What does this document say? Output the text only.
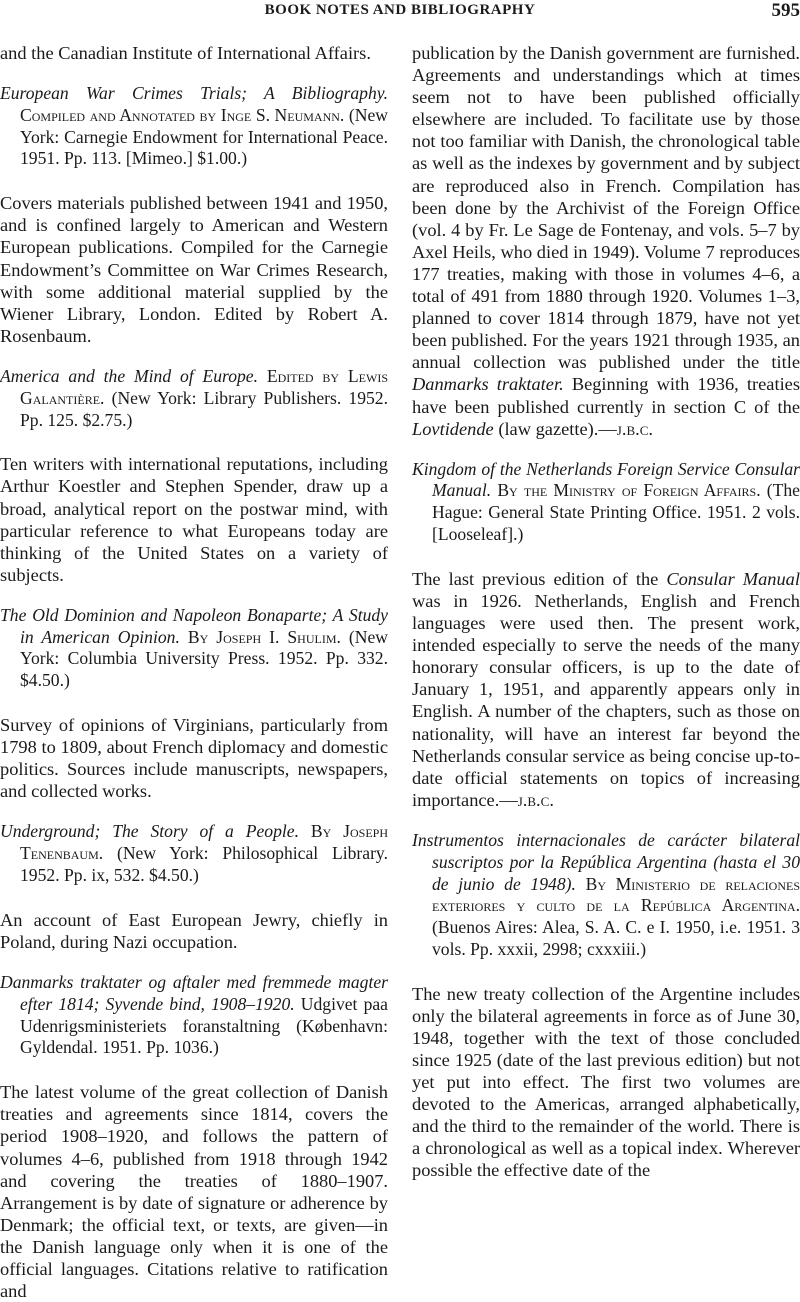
BOOK NOTES AND BIBLIOGRAPHY	595

and the Canadian Institute of International Affairs.

European War Crimes Trials; A Bibliography. Compiled and Annotated by Inge S. Neumann. (New York: Carnegie Endowment for International Peace. 1951. Pp. 113. [Mimeo.] $1.00.)

Covers materials published between 1941 and 1950, and is confined largely to American and Western European publications. Compiled for the Carnegie Endowment’s Committee on War Crimes Research, with some additional material supplied by the Wiener Library, London. Edited by Robert A. Rosenbaum.

America and the Mind of Europe. Edited by Lewis Galantière. (New York: Library Publishers. 1952. Pp. 125. $2.75.)

Ten writers with international reputations, including Arthur Koestler and Stephen Spender, draw up a broad, analytical report on the postwar mind, with particular reference to what Europeans today are thinking of the United States on a variety of subjects.

The Old Dominion and Napoleon Bonaparte; A Study in American Opinion. By Joseph I. Shulim. (New York: Columbia University Press. 1952. Pp. 332. $4.50.)

Survey of opinions of Virginians, particularly from 1798 to 1809, about French diplomacy and domestic politics. Sources include manuscripts, newspapers, and collected works.

Underground; The Story of a People. By Joseph Tenenbaum. (New York: Philosophical Library. 1952. Pp. ix, 532. $4.50.)

An account of East European Jewry, chiefly in Poland, during Nazi occupation.

Danmarks traktater og aftaler med fremmede magter efter 1814; Syvende bind, 1908–1920. Udgivet paa Udenrigsministeriets foranstaltning (København: Gyldendal. 1951. Pp. 1036.)

The latest volume of the great collection of Danish treaties and agreements since 1814, covers the period 1908–1920, and follows the pattern of volumes 4–6, published from 1918 through 1942 and covering the treaties of 1880–1907. Arrangement is by date of signature or adherence by Denmark; the official text, or texts, are given—in the Danish language only when it is one of the official languages. Citations relative to ratification and

publication by the Danish government are furnished. Agreements and understandings which at times seem not to have been published officially elsewhere are included. To facilitate use by those not too familiar with Danish, the chronological table as well as the indexes by government and by subject are reproduced also in French. Compilation has been done by the Archivist of the Foreign Office (vol. 4 by Fr. Le Sage de Fontenay, and vols. 5–7 by Axel Heils, who died in 1949). Volume 7 reproduces 177 treaties, making with those in volumes 4–6, a total of 491 from 1880 through 1920. Volumes 1–3, planned to cover 1814 through 1879, have not yet been published. For the years 1921 through 1935, an annual collection was published under the title Danmarks traktater. Beginning with 1936, treaties have been published currently in section C of the Lovtidende (law gazette).—j.b.c.

Kingdom of the Netherlands Foreign Service Consular Manual. By the Ministry of Foreign Affairs. (The Hague: General State Printing Office. 1951. 2 vols. [Looseleaf].)

The last previous edition of the Consular Manual was in 1926. Netherlands, English and French languages were used then. The present work, intended especially to serve the needs of the many honorary consular officers, is up to the date of January 1, 1951, and apparently appears only in English. A number of the chapters, such as those on nationality, will have an interest far beyond the Netherlands consular service as being concise up-to-date official statements on topics of increasing importance.—j.b.c.

Instrumentos internacionales de carácter bilateral suscriptos por la República Argentina (hasta el 30 de junio de 1948). By Ministerio de relaciones exteriores y culto de la República Argentina. (Buenos Aires: Alea, S. A. C. e I. 1950, i.e. 1951. 3 vols. Pp. xxxii, 2998; cxxxiii.)

The new treaty collection of the Argentine includes only the bilateral agreements in force as of June 30, 1948, together with the text of those concluded since 1925 (date of the last previous edition) but not yet put into effect. The first two volumes are devoted to the Americas, arranged alphabetically, and the third to the remainder of the world. There is a chronological as well as a topical index. Wherever possible the effective date of the
